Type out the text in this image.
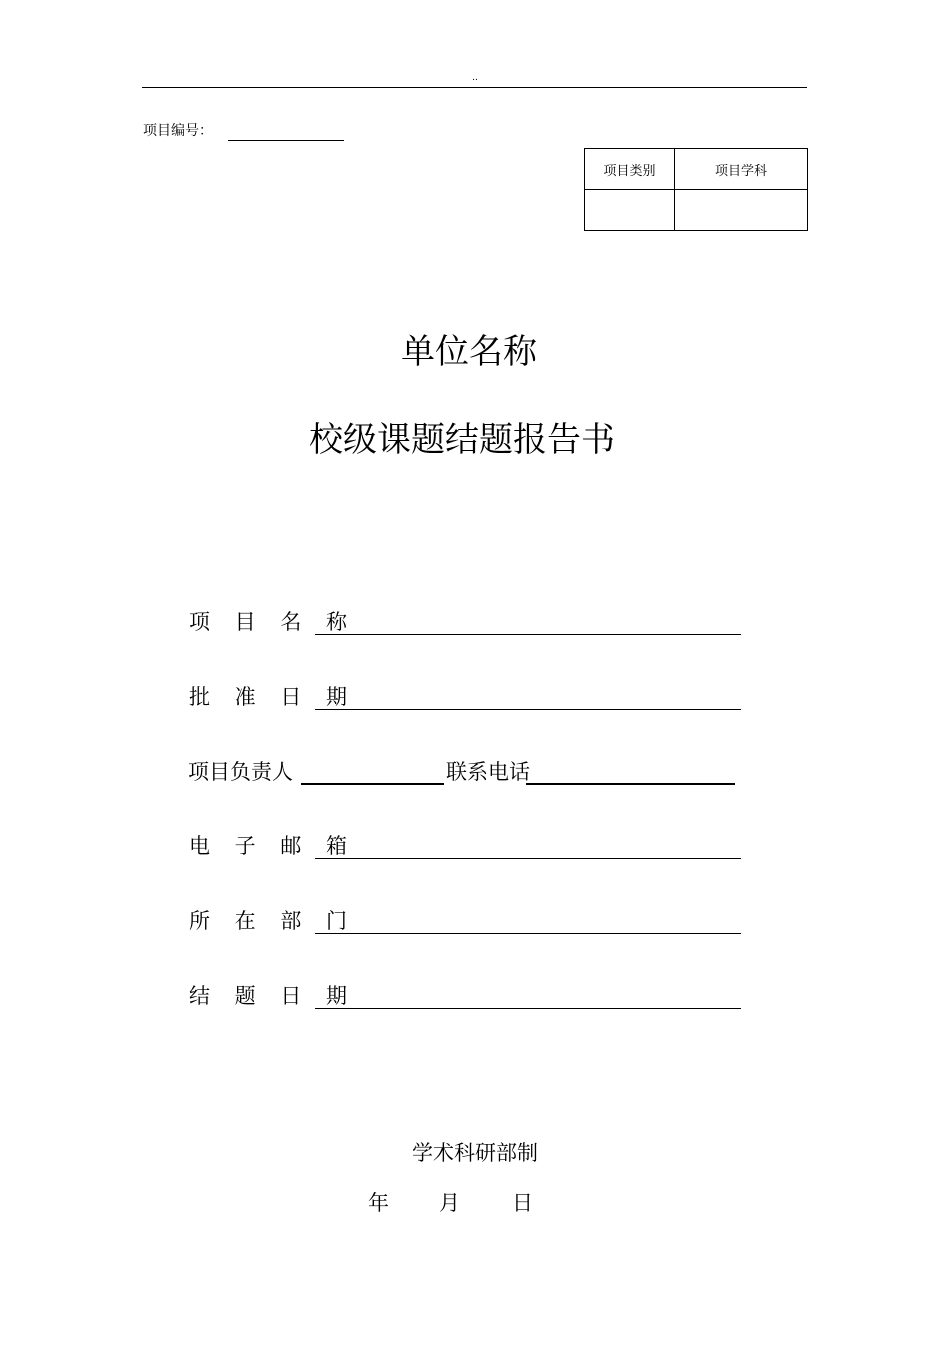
..
项目编号：
项目类别	项目学科

单位名称
校级课题结题报告书
项 目 名 称
批 准 日 期
项目负责人	联系电话
电 子 邮 箱
所 在 部 门
结 题 日 期
学术科研部制
年 月 日
